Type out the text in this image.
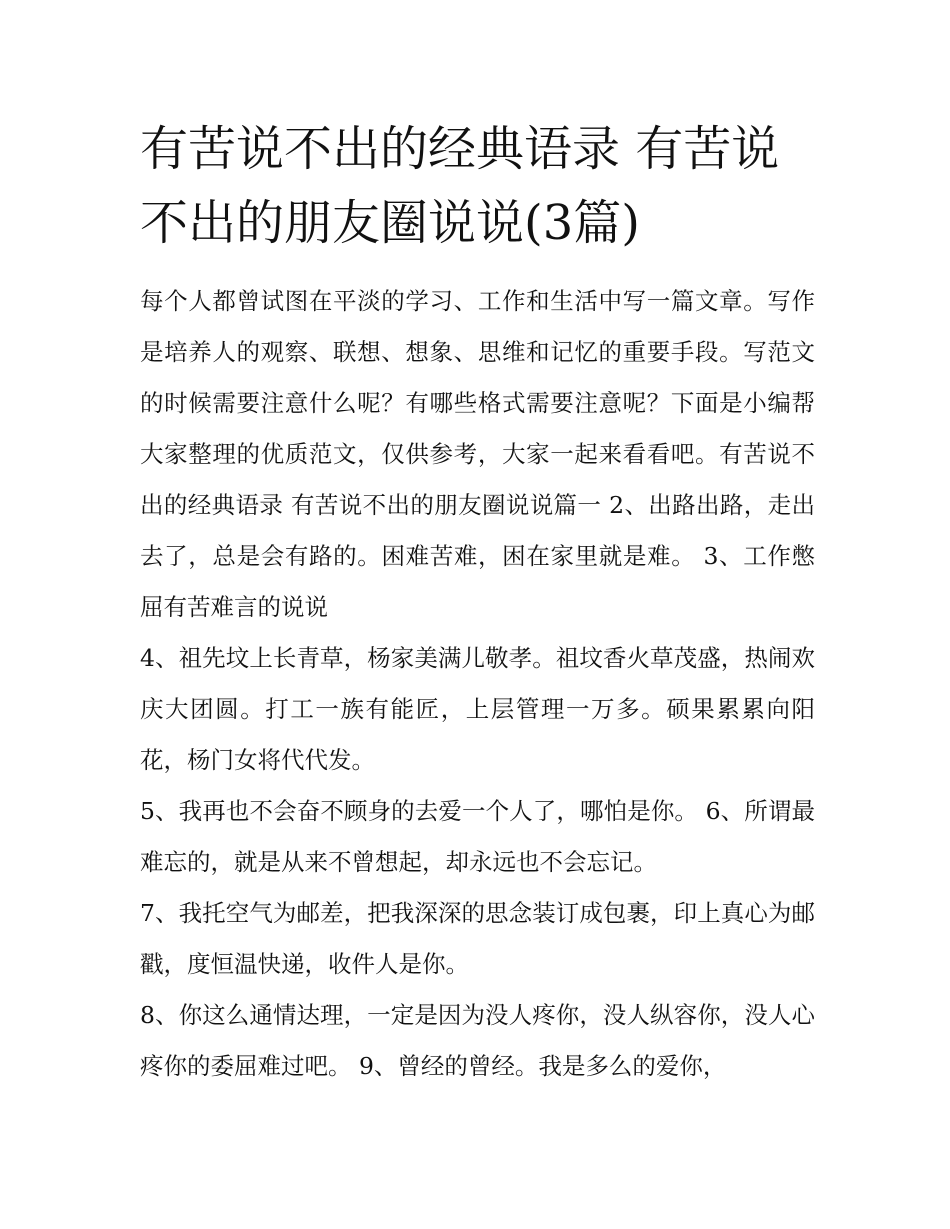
有苦说不出的经典语录 有苦说不出的朋友圈说说(3篇)

每个人都曾试图在平淡的学习、工作和生活中写一篇文章。写作是培养人的观察、联想、想象、思维和记忆的重要手段。写范文的时候需要注意什么呢？有哪些格式需要注意呢？下面是小编帮大家整理的优质范文，仅供参考，大家一起来看看吧。有苦说不出的经典语录 有苦说不出的朋友圈说说篇一 2、出路出路，走出去了，总是会有路的。困难苦难，困在家里就是难。 3、工作憋屈有苦难言的说说

4、祖先坟上长青草，杨家美满儿敬孝。祖坟香火草茂盛，热闹欢庆大团圆。打工一族有能匠，上层管理一万多。硕果累累向阳花，杨门女将代代发。

5、我再也不会奋不顾身的去爱一个人了，哪怕是你。 6、所谓最难忘的，就是从来不曾想起，却永远也不会忘记。

7、我托空气为邮差，把我深深的思念装订成包裹，印上真心为邮戳，度恒温快递，收件人是你。

8、你这么通情达理，一定是因为没人疼你，没人纵容你，没人心疼你的委屈难过吧。 9、曾经的曾经。我是多么的爱你，
